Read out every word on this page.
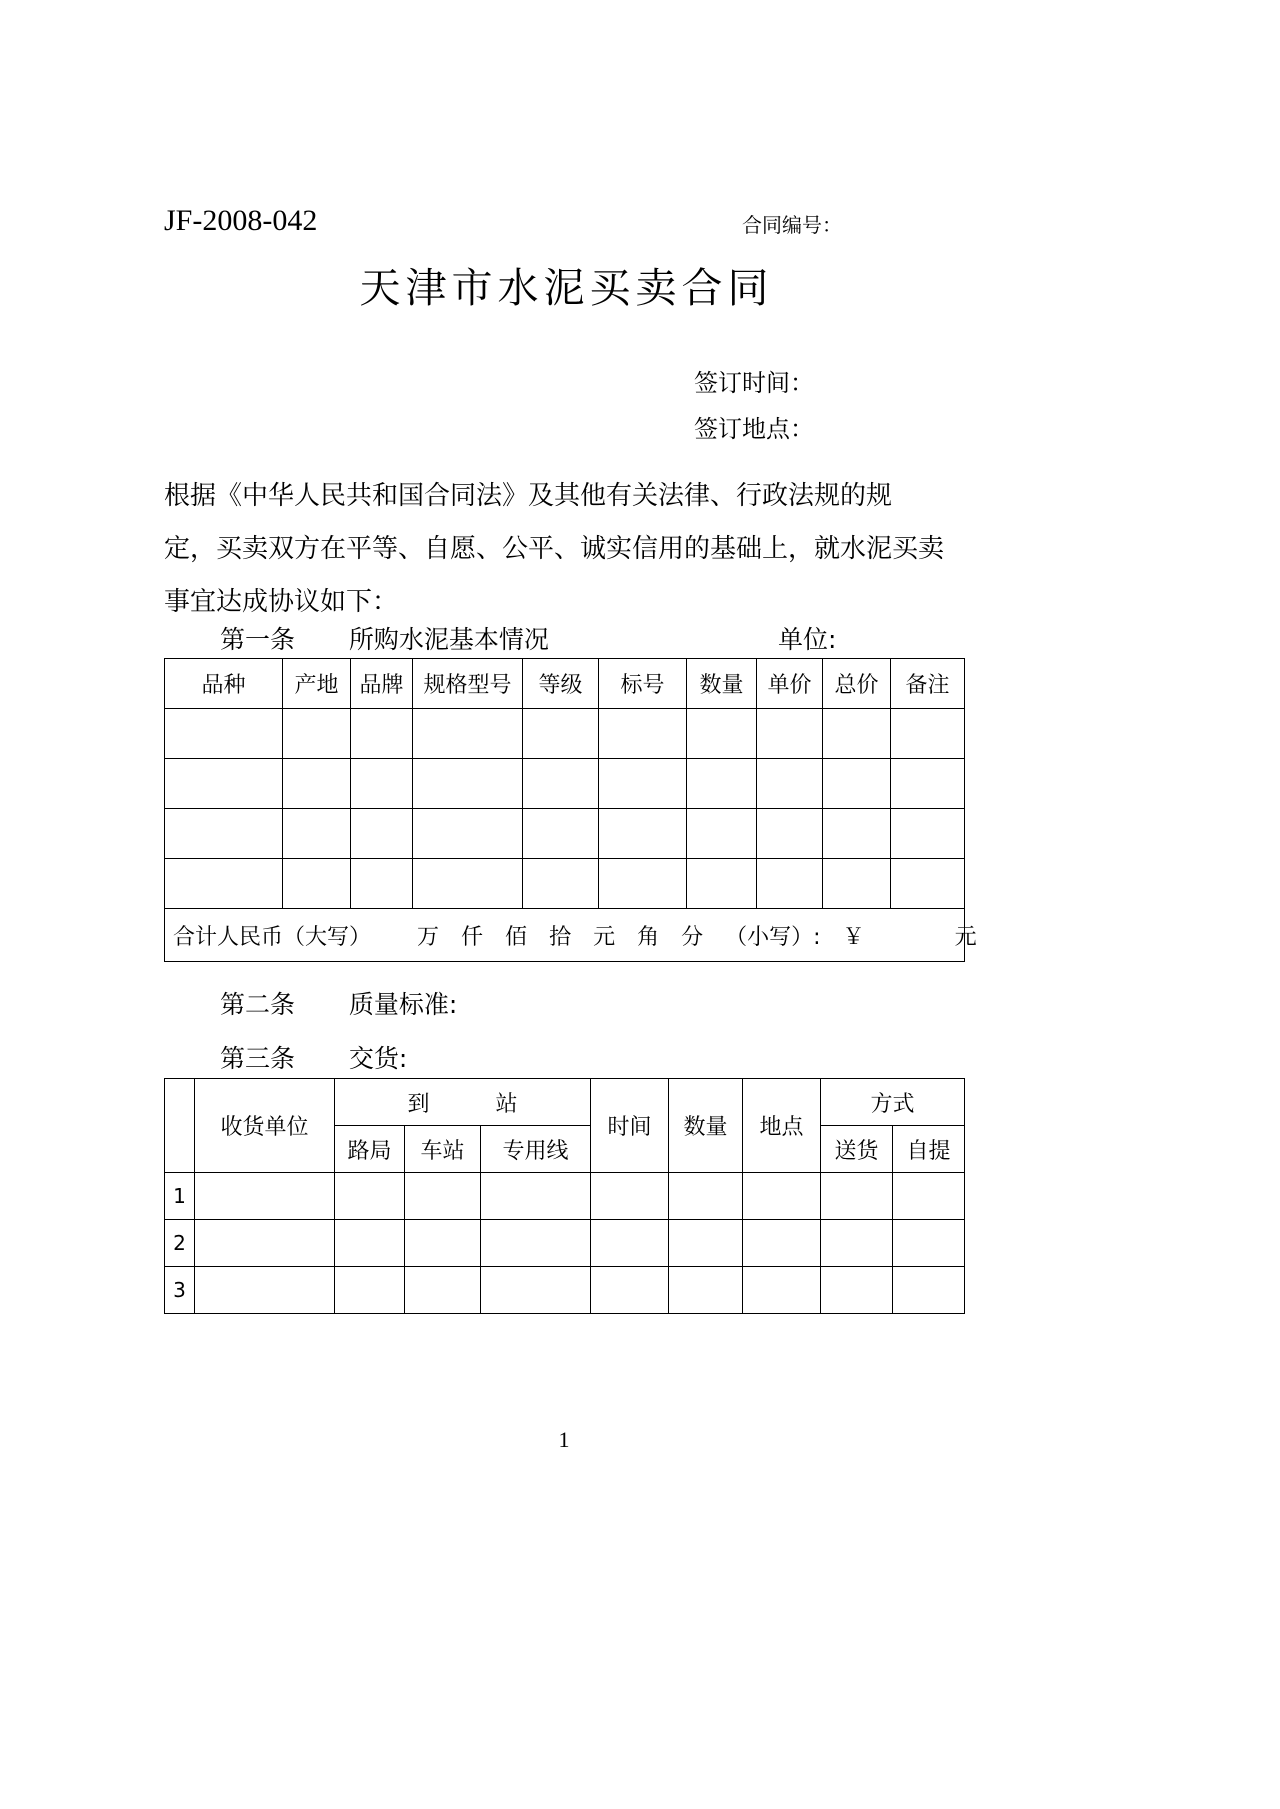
JF-2008-042	合同编号：
天津市水泥买卖合同
签订时间：
签订地点：

根据《中华人民共和国合同法》及其他有关法律、行政法规的规

定，买卖双方在平等、自愿、公平、诚实信用的基础上，就水泥买卖

事宜达成协议如下：

第一条 所购水泥基本情况	单位:
品种	产地	品牌	规格型号	等级	标号	数量	单价	总价	备注

合计人民币（大写） 万 仟 佰 拾 元 角 分 （小写）: ￥ 元									
第二条 质量标准:
第三条 交货:
	收货单位	到　　　站			时间	数量	地点	方式	
		路局	车站	专用线				送货	自提
1									
2									
3									
1
